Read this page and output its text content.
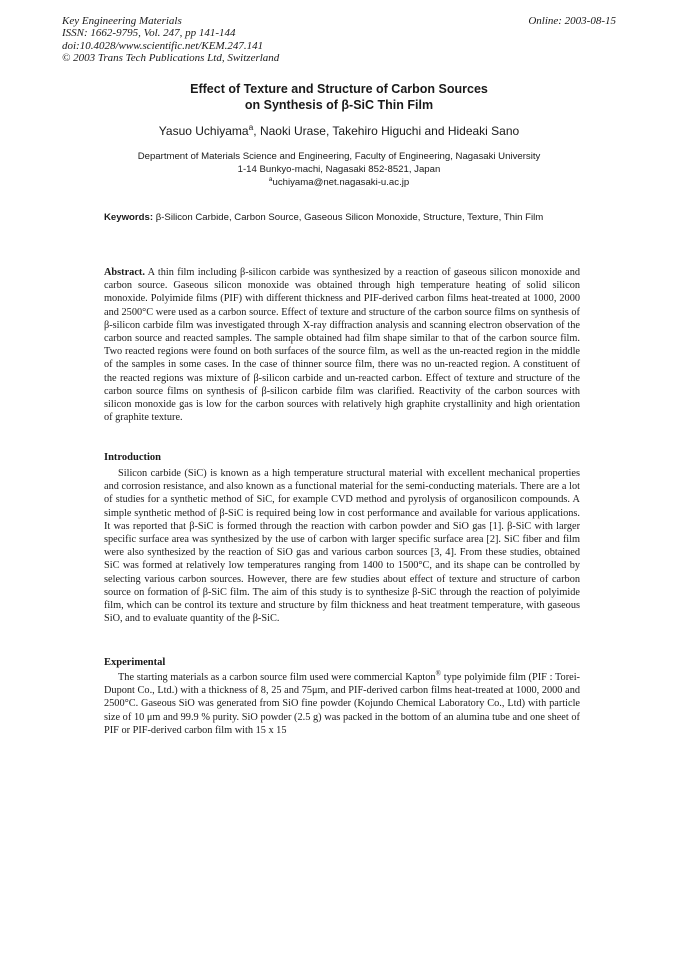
Key Engineering Materials
ISSN: 1662-9795, Vol. 247, pp 141-144
doi:10.4028/www.scientific.net/KEM.247.141
© 2003 Trans Tech Publications Ltd, Switzerland
Online: 2003-08-15
Effect of Texture and Structure of Carbon Sources
on Synthesis of β-SiC Thin Film
Yasuo Uchiyama$^a$, Naoki Urase, Takehiro Higuchi and Hideaki Sano
Department of Materials Science and Engineering, Faculty of Engineering, Nagasaki University
1-14 Bunkyo-machi, Nagasaki 852-8521, Japan
$^a$uchiyama@net.nagasaki-u.ac.jp
Keywords: β-Silicon Carbide, Carbon Source, Gaseous Silicon Monoxide, Structure, Texture, Thin Film
Abstract. A thin film including β-silicon carbide was synthesized by a reaction of gaseous silicon monoxide and carbon source. Gaseous silicon monoxide was obtained through high temperature heating of solid silicon monoxide. Polyimide films (PIF) with different thickness and PIF-derived carbon films heat-treated at 1000, 2000 and 2500°C were used as a carbon source. Effect of texture and structure of the carbon source films on synthesis of β-silicon carbide film was investigated through X-ray diffraction analysis and scanning electron observation of the carbon source and reacted samples. The sample obtained had film shape similar to that of the carbon source film. Two reacted regions were found on both surfaces of the source film, as well as the un-reacted region in the middle of the samples in some cases. In the case of thinner source film, there was no un-reacted region. A constituent of the reacted regions was mixture of β-silicon carbide and un-reacted carbon. Effect of texture and structure of the carbon source films on synthesis of β-silicon carbide film was clarified. Reactivity of the carbon sources with silicon monoxide gas is low for the carbon sources with relatively high graphite crystallinity and high orientation of graphite texture.
Introduction
Silicon carbide (SiC) is known as a high temperature structural material with excellent mechanical properties and corrosion resistance, and also known as a functional material for the semi-conducting materials. There are a lot of studies for a synthetic method of SiC, for example CVD method and pyrolysis of organosilicon compounds. A simple synthetic method of β-SiC is required being low in cost performance and available for various applications. It was reported that β-SiC is formed through the reaction with carbon powder and SiO gas [1]. β-SiC with larger specific surface area was synthesized by the use of carbon with larger specific surface area [2]. SiC fiber and film were also synthesized by the reaction of SiO gas and various carbon sources [3, 4]. From these studies, obtained SiC was formed at relatively low temperatures ranging from 1400 to 1500°C, and its shape can be controlled by selecting various carbon sources. However, there are few studies about effect of texture and structure of carbon source on formation of β-SiC film. The aim of this study is to synthesize β-SiC through the reaction of polyimide film, which can be control its texture and structure by film thickness and heat treatment temperature, with gaseous SiO, and to evaluate quantity of the β-SiC.
Experimental
The starting materials as a carbon source film used were commercial Kapton® type polyimide film (PIF : Torei-Dupont Co., Ltd.) with a thickness of 8, 25 and 75μm, and PIF-derived carbon films heat-treated at 1000, 2000 and 2500°C. Gaseous SiO was generated from SiO fine powder (Kojundo Chemical Laboratory Co., Ltd) with particle size of 10 μm and 99.9 % purity. SiO powder (2.5 g) was packed in the bottom of an alumina tube and one sheet of PIF or PIF-derived carbon film with 15 x 15
